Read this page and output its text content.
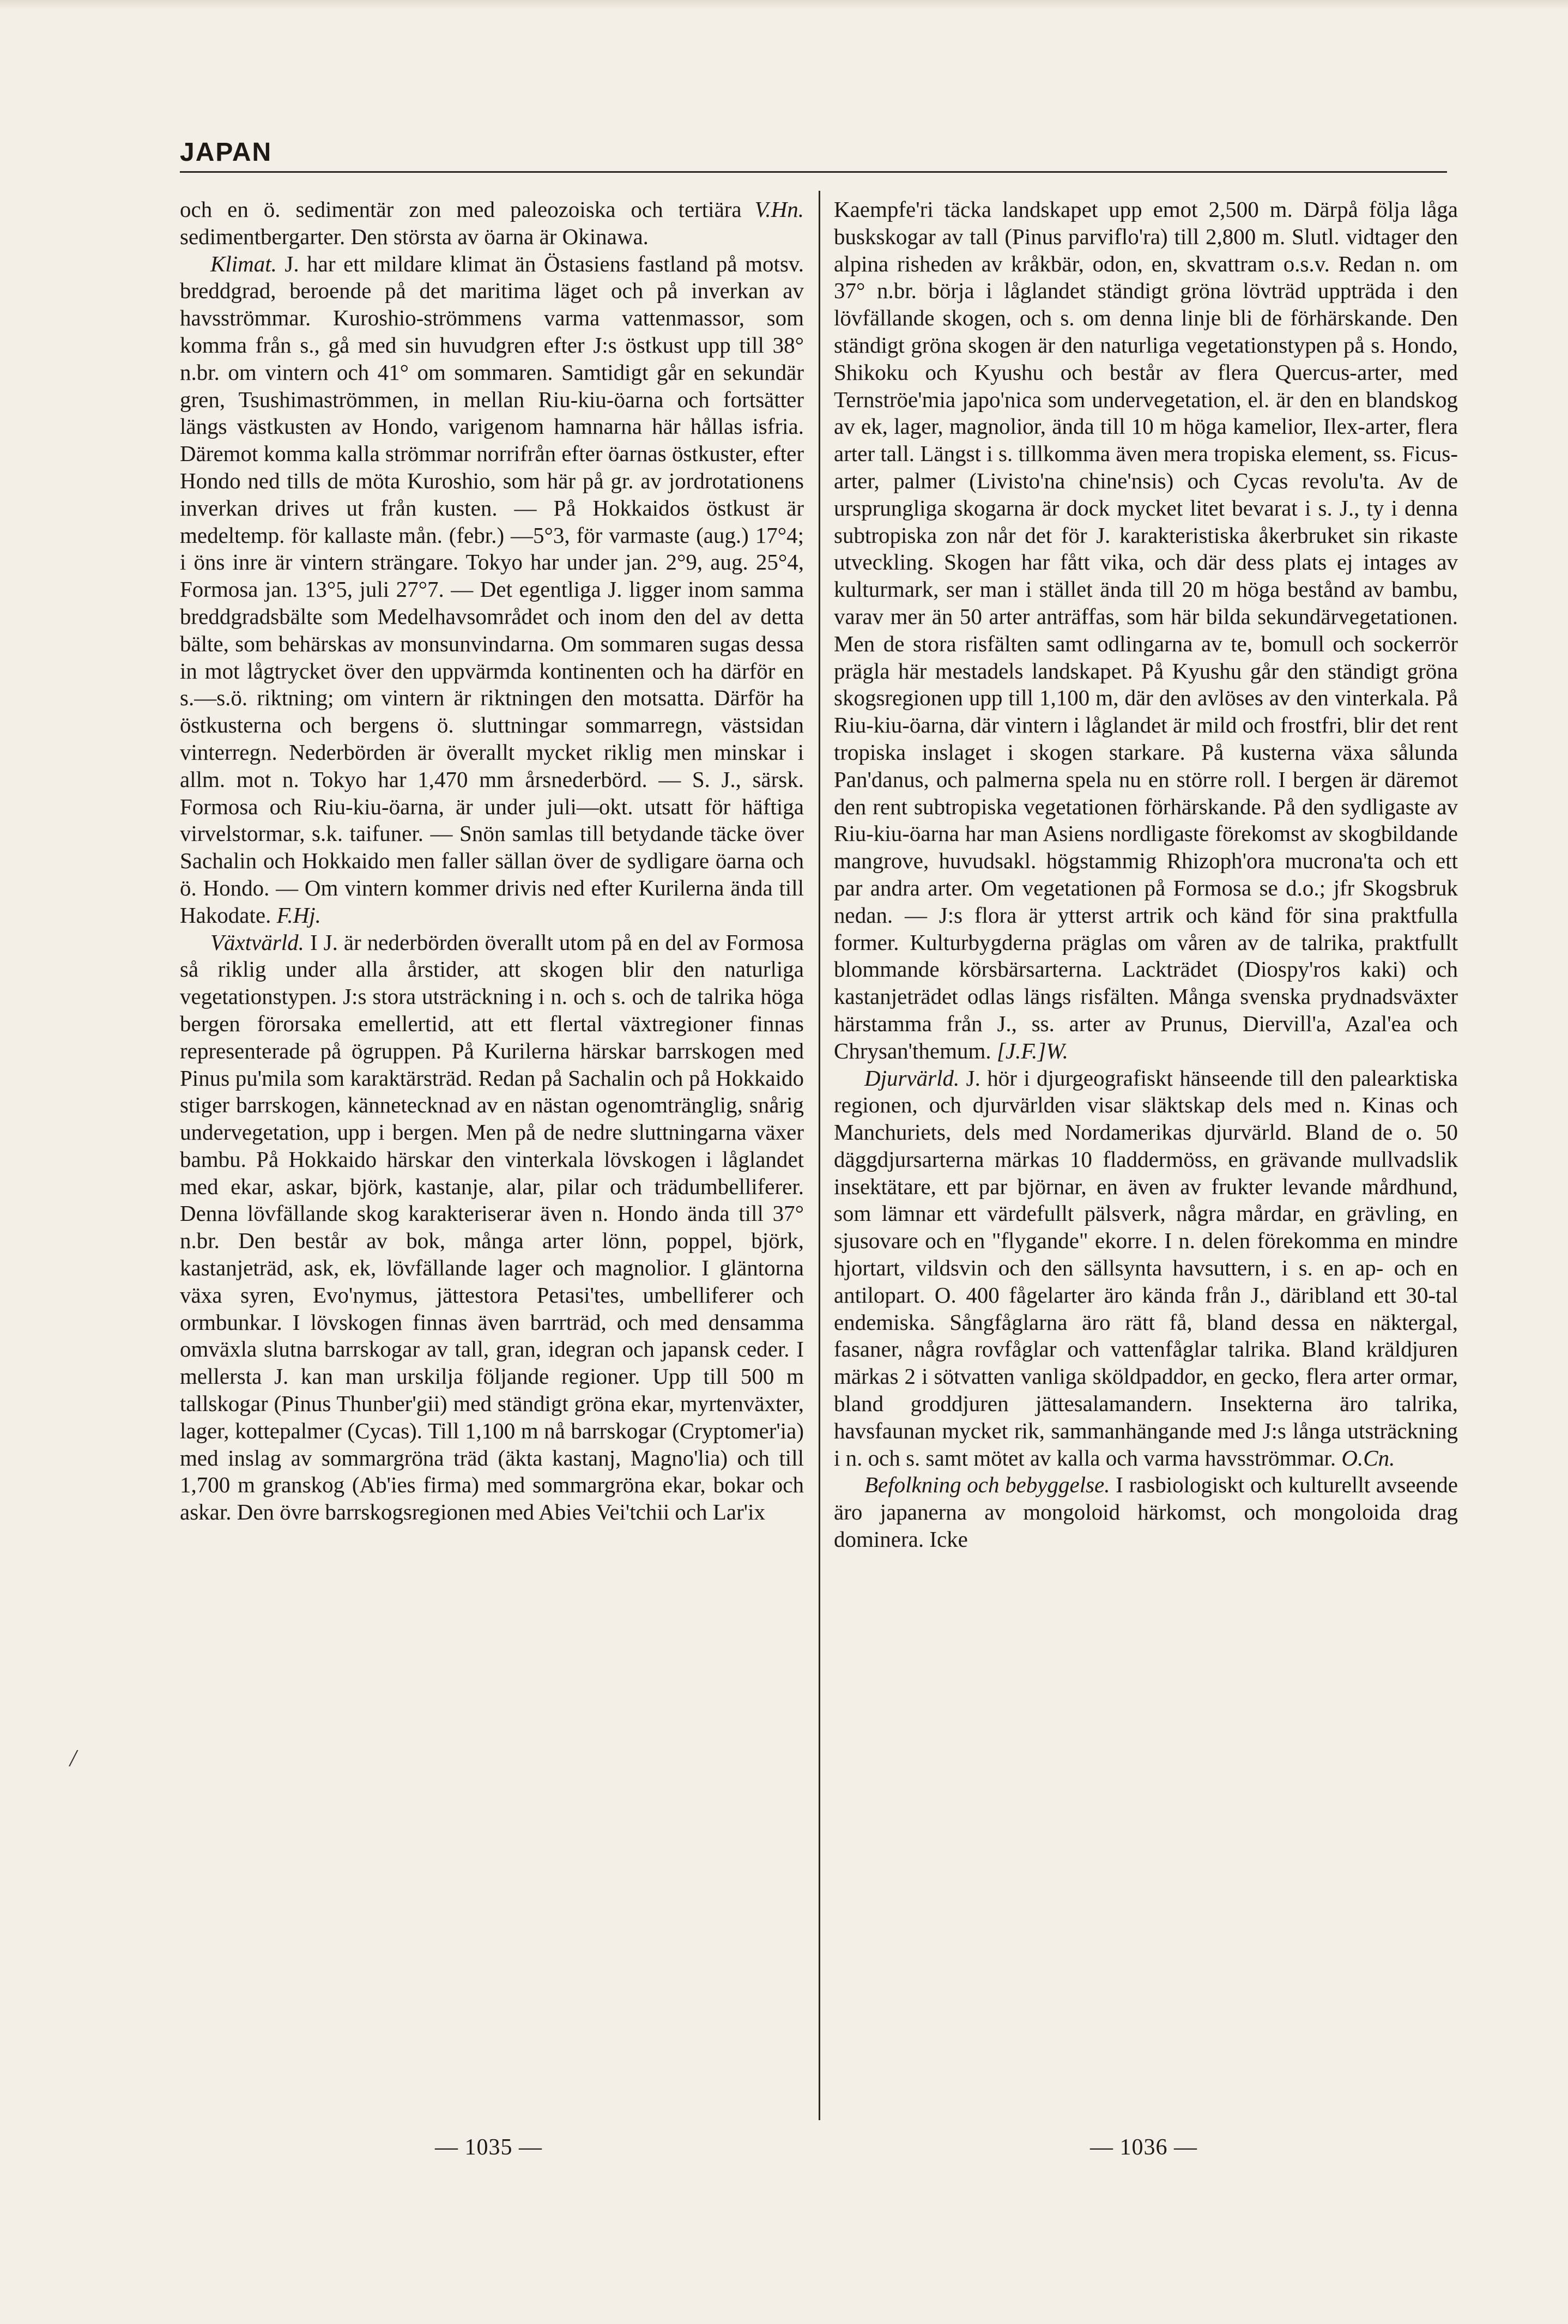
JAPAN

V.Hn.
och en ö. sedimentär zon med paleozoiska och tertiära sedimentbergarter. Den största av öarna är Okinawa.

Klimat. J. har ett mildare klimat än Östasiens fastland på motsv. breddgrad, beroende på det maritima läget och på inverkan av havsströmmar. Kuroshio-strömmens varma vattenmassor, som komma från s., gå med sin huvudgren efter J:s östkust upp till 38° n.br. om vintern och 41° om sommaren. Samtidigt går en sekundär gren, Tsushimaströmmen, in mellan Riu-kiu-öarna och fortsätter längs västkusten av Hondo, varigenom hamnarna här hållas isfria. Däremot komma kalla strömmar norrifrån efter öarnas östkuster, efter Hondo ned tills de möta Kuroshio, som här på gr. av jordrotationens inverkan drives ut från kusten. — På Hokkaidos östkust är medeltemp. för kallaste mån. (febr.) —5°3, för varmaste (aug.) 17°4; i öns inre är vintern strängare. Tokyo har under jan. 2°9, aug. 25°4, Formosa jan. 13°5, juli 27°7. — Det egentliga J. ligger inom samma breddgradsbälte som Medelhavsområdet och inom den del av detta bälte, som behärskas av monsunvindarna. Om sommaren sugas dessa in mot lågtrycket över den uppvärmda kontinenten och ha därför en s.—s.ö. riktning; om vintern är riktningen den motsatta. Därför ha östkusterna och bergens ö. sluttningar sommarregn, västsidan vinterregn. Nederbörden är överallt mycket riklig men minskar i allm. mot n. Tokyo har 1,470 mm årsnederbörd. — S. J., särsk. Formosa och Riu-kiu-öarna, är under juli—okt. utsatt för häftiga virvelstormar, s.k. taifuner. — Snön samlas till betydande täcke över Sachalin och Hokkaido men faller sällan över de sydligare öarna och ö. Hondo. — Om vintern kommer drivis ned efter Kurilerna ända till Hakodate. F.Hj.

Växtvärld. I J. är nederbörden överallt utom på en del av Formosa så riklig under alla årstider, att skogen blir den naturliga vegetationstypen. J:s stora utsträckning i n. och s. och de talrika höga bergen förorsaka emellertid, att ett flertal växtregioner finnas representerade på ögruppen. På Kurilerna härskar barrskogen med Pinus pu'mila som karaktärsträd. Redan på Sachalin och på Hokkaido stiger barrskogen, kännetecknad av en nästan ogenomtränglig, snårig undervegetation, upp i bergen. Men på de nedre sluttningarna växer bambu. På Hokkaido härskar den vinterkala lövskogen i låglandet med ekar, askar, björk, kastanje, alar, pilar och trädumbelliferer. Denna lövfällande skog karakteriserar även n. Hondo ända till 37° n.br. Den består av bok, många arter lönn, poppel, björk, kastanjeträd, ask, ek, lövfällande lager och magnolior. I gläntorna växa syren, Evo'nymus, jättestora Petasi'tes, umbelliferer och ormbunkar. I lövskogen finnas även barrträd, och med densamma omväxla slutna barrskogar av tall, gran, idegran och japansk ceder. I mellersta J. kan man urskilja följande regioner. Upp till 500 m tallskogar (Pinus Thunber'gii) med ständigt gröna ekar, myrtenväxter, lager, kottepalmer (Cycas). Till 1,100 m nå barrskogar (Cryptomer'ia) med inslag av sommargröna träd (äkta kastanj, Magno'lia) och till 1,700 m granskog (Ab'ies firma) med sommargröna ekar, bokar och askar. Den övre barrskogsregionen med Abies Vei'tchii och Lar'ix

Kaempfe'ri täcka landskapet upp emot 2,500 m. Därpå följa låga buskskogar av tall (Pinus parviflo'ra) till 2,800 m. Slutl. vidtager den alpina risheden av kråkbär, odon, en, skvattram o.s.v. Redan n. om 37° n.br. börja i låglandet ständigt gröna lövträd uppträda i den lövfällande skogen, och s. om denna linje bli de förhärskande. Den ständigt gröna skogen är den naturliga vegetationstypen på s. Hondo, Shikoku och Kyushu och består av flera Quercus-arter, med Ternströe'mia japo'nica som undervegetation, el. är den en blandskog av ek, lager, magnolior, ända till 10 m höga kamelior, Ilex-arter, flera arter tall. Längst i s. tillkomma även mera tropiska element, ss. Ficus-arter, palmer (Livisto'na chine'nsis) och Cycas revolu'ta. Av de ursprungliga skogarna är dock mycket litet bevarat i s. J., ty i denna subtropiska zon når det för J. karakteristiska åkerbruket sin rikaste utveckling. Skogen har fått vika, och där dess plats ej intages av kulturmark, ser man i stället ända till 20 m höga bestånd av bambu, varav mer än 50 arter anträffas, som här bilda sekundärvegetationen. Men de stora risfälten samt odlingarna av te, bomull och sockerrör prägla här mestadels landskapet. På Kyushu går den ständigt gröna skogsregionen upp till 1,100 m, där den avlöses av den vinterkala. På Riu-kiu-öarna, där vintern i låglandet är mild och frostfri, blir det rent tropiska inslaget i skogen starkare. På kusterna växa sålunda Pan'danus, och palmerna spela nu en större roll. I bergen är däremot den rent subtropiska vegetationen förhärskande. På den sydligaste av Riu-kiu-öarna har man Asiens nordligaste förekomst av skogbildande mangrove, huvudsakl. högstammig Rhizoph'ora mucrona'ta och ett par andra arter. Om vegetationen på Formosa se d.o.; jfr Skogsbruk nedan. — J:s flora är ytterst artrik och känd för sina praktfulla former. Kulturbygderna präglas om våren av de talrika, praktfullt blommande körsbärsarterna. Lackträdet (Diospy'ros kaki) och kastanjeträdet odlas längs risfälten. Många svenska prydnadsväxter härstamma från J., ss. arter av Prunus, Diervill'a, Azal'ea och Chrysan'themum. [J.F.]W.

Djurvärld. J. hör i djurgeografiskt hänseende till den palearktiska regionen, och djurvärlden visar släktskap dels med n. Kinas och Manchuriets, dels med Nordamerikas djurvärld. Bland de o. 50 däggdjursarterna märkas 10 fladdermöss, en grävande mullvadslik insektätare, ett par björnar, en även av frukter levande mårdhund, som lämnar ett värdefullt pälsverk, några mårdar, en grävling, en sjusovare och en "flygande" ekorre. I n. delen förekomma en mindre hjortart, vildsvin och den sällsynta havsuttern, i s. en ap- och en antilopart. O. 400 fågelarter äro kända från J., däribland ett 30-tal endemiska. Sångfåglarna äro rätt få, bland dessa en näktergal, fasaner, några rovfåglar och vattenfåglar talrika. Bland kräldjuren märkas 2 i sötvatten vanliga sköldpaddor, en gecko, flera arter ormar, bland groddjuren jättesalamandern. Insekterna äro talrika, havsfaunan mycket rik, sammanhängande med J:s långa utsträckning i n. och s. samt mötet av kalla och varma havsströmmar. O.Cn.

Befolkning och bebyggelse. I rasbiologiskt och kulturellt avseende äro japanerna av mongoloid härkomst, och mongoloida drag dominera. Icke

/
— 1035 —	— 1036 —
